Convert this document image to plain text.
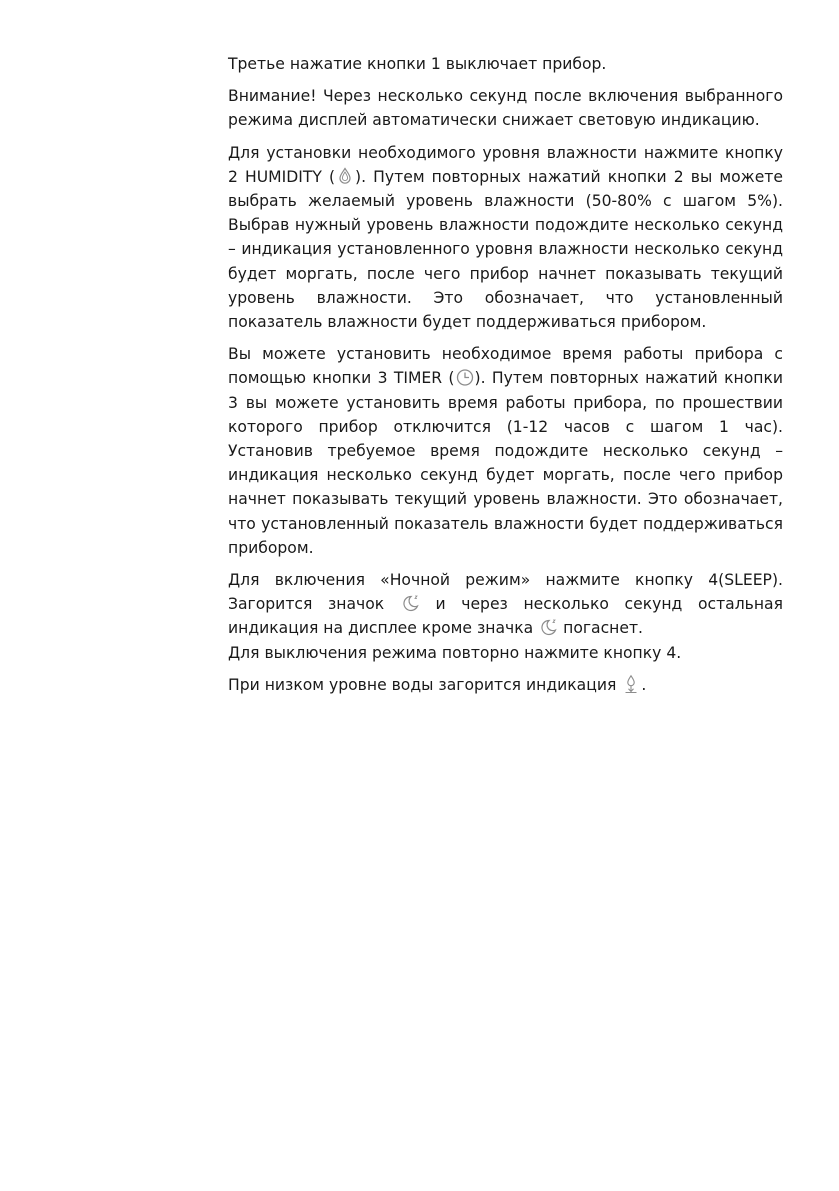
Третье нажатие кнопки 1 выключает прибор.

Внимание! Через несколько секунд после включения выбранного режима дисплей автоматически снижает световую индикацию.

Для установки необходимого уровня влажности нажмите кнопку 2 HUMIDITY ( ). Путем повторных нажатий кнопки 2 вы можете выбрать желаемый уровень влажности (50-80% с шагом 5%). Выбрав нужный уровень влажности подождите несколько секунд – индикация установленного уровня влажности несколько секунд будет моргать, после чего прибор начнет показывать текущий уровень влажности. Это обозначает, что установленный показатель влажности будет поддерживаться прибором.

Вы можете установить необходимое время работы прибора с помощью кнопки 3 TIMER ( ). Путем повторных нажатий кнопки 3 вы можете установить время работы прибора, по прошествии которого прибор отключится (1-12 часов с шагом 1 час). Установив требуемое время подождите несколько секунд – индикация несколько секунд будет моргать, после чего прибор начнет показывать текущий уровень влажности. Это обозначает, что установленный показатель влажности будет поддерживаться прибором.

Для включения «Ночной режим» нажмите кнопку 4(SLEEP). Загорится значок
и через несколько секунд остальная индикация на дисплее кроме значка
погаснет.

Для выключения режима повторно нажмите кнопку 4.

При низком уровне воды загорится индикация
.
